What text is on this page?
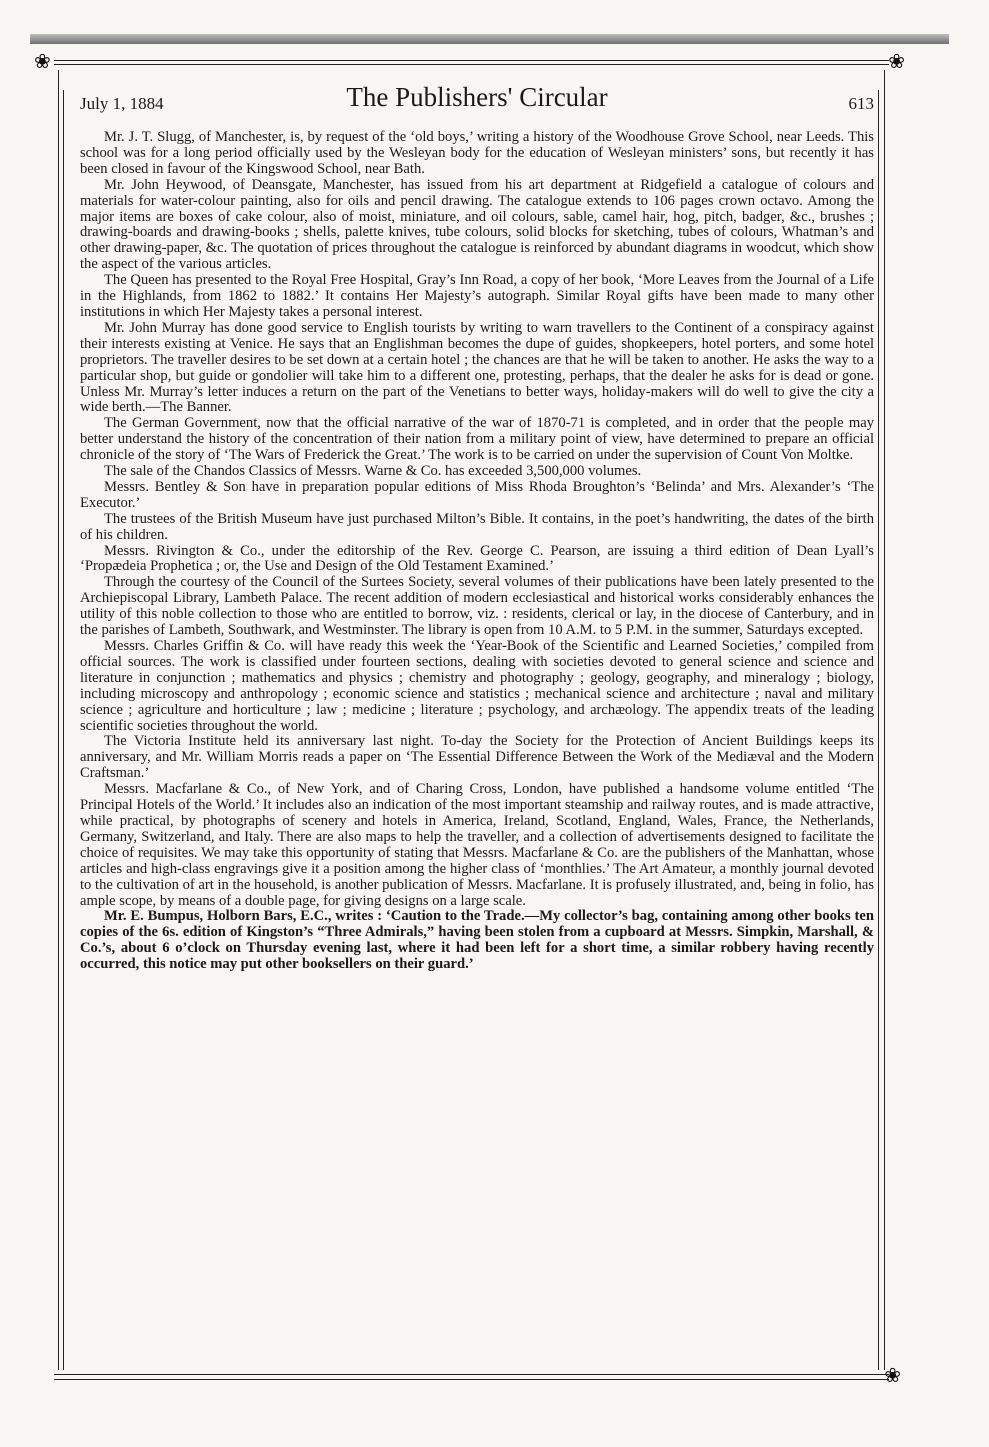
❀	❀
❀
July 1, 1884	The Publishers' Circular	613

Mr. J. T. Slugg, of Manchester, is, by request of the ‘old boys,’ writing a history of the Woodhouse Grove School, near Leeds. This school was for a long period officially used by the Wesleyan body for the education of Wesleyan ministers’ sons, but recently it has been closed in favour of the Kingswood School, near Bath.

Mr. John Heywood, of Deansgate, Manchester, has issued from his art department at Ridgefield a catalogue of colours and materials for water-colour painting, also for oils and pencil drawing. The catalogue extends to 106 pages crown octavo. Among the major items are boxes of cake colour, also of moist, miniature, and oil colours, sable, camel hair, hog, pitch, badger, &c., brushes ; drawing-boards and drawing-books ; shells, palette knives, tube colours, solid blocks for sketching, tubes of colours, Whatman’s and other drawing-paper, &c. The quotation of prices throughout the catalogue is reinforced by abundant diagrams in woodcut, which show the aspect of the various articles.

The Queen has presented to the Royal Free Hospital, Gray’s Inn Road, a copy of her book, ‘More Leaves from the Journal of a Life in the Highlands, from 1862 to 1882.’ It contains Her Majesty’s autograph. Similar Royal gifts have been made to many other institutions in which Her Majesty takes a personal interest.

Mr. John Murray has done good service to English tourists by writing to warn travellers to the Continent of a conspiracy against their interests existing at Venice. He says that an Englishman becomes the dupe of guides, shopkeepers, hotel porters, and some hotel proprietors. The traveller desires to be set down at a certain hotel ; the chances are that he will be taken to another. He asks the way to a particular shop, but guide or gondolier will take him to a different one, protesting, perhaps, that the dealer he asks for is dead or gone. Unless Mr. Murray’s letter induces a return on the part of the Venetians to better ways, holiday-makers will do well to give the city a wide berth.—The Banner.

The German Government, now that the official narrative of the war of 1870-71 is completed, and in order that the people may better understand the history of the concentration of their nation from a military point of view, have determined to prepare an official chronicle of the story of ‘The Wars of Frederick the Great.’ The work is to be carried on under the supervision of Count Von Moltke.

The sale of the Chandos Classics of Messrs. Warne & Co. has exceeded 3,500,000 volumes.

Messrs. Bentley & Son have in preparation popular editions of Miss Rhoda Broughton’s ‘Belinda’ and Mrs. Alexander’s ‘The Executor.’

The trustees of the British Museum have just purchased Milton’s Bible. It contains, in the poet’s handwriting, the dates of the birth of his children.

Messrs. Rivington & Co., under the editorship of the Rev. George C. Pearson, are issuing a third edition of Dean Lyall’s ‘Propædeia Prophetica ; or, the Use and Design of the Old Testament Examined.’

Through the courtesy of the Council of the Surtees Society, several volumes of their publications have been lately presented to the Archiepiscopal Library, Lambeth Palace. The recent addition of modern ecclesiastical and historical works considerably enhances the utility of this noble collection to those who are entitled to borrow, viz. : residents, clerical or lay, in the diocese of Canterbury, and in the parishes of Lambeth, Southwark, and Westminster. The library is open from 10 A.M. to 5 P.M. in the summer, Saturdays excepted.

Messrs. Charles Griffin & Co. will have ready this week the ‘Year-Book of the Scientific and Learned Societies,’ compiled from official sources. The work is classified under fourteen sections, dealing with societies devoted to general science and science and literature in conjunction ; mathematics and physics ; chemistry and photography ; geology, geography, and mineralogy ; biology, including microscopy and anthropology ; economic science and statistics ; mechanical science and architecture ; naval and military science ; agriculture and horticulture ; law ; medicine ; literature ; psychology, and archæology. The appendix treats of the leading scientific societies throughout the world.

The Victoria Institute held its anniversary last night. To-day the Society for the Protection of Ancient Buildings keeps its anniversary, and Mr. William Morris reads a paper on ‘The Essential Difference Between the Work of the Mediæval and the Modern Craftsman.’

Messrs. Macfarlane & Co., of New York, and of Charing Cross, London, have published a handsome volume entitled ‘The Principal Hotels of the World.’ It includes also an indication of the most important steamship and railway routes, and is made attractive, while practical, by photographs of scenery and hotels in America, Ireland, Scotland, England, Wales, France, the Netherlands, Germany, Switzerland, and Italy. There are also maps to help the traveller, and a collection of advertisements designed to facilitate the choice of requisites. We may take this opportunity of stating that Messrs. Macfarlane & Co. are the publishers of the Manhattan, whose articles and high-class engravings give it a position among the higher class of ‘monthlies.’ The Art Amateur, a monthly journal devoted to the cultivation of art in the household, is another publication of Messrs. Macfarlane. It is profusely illustrated, and, being in folio, has ample scope, by means of a double page, for giving designs on a large scale.

Mr. E. Bumpus, Holborn Bars, E.C., writes : ‘Caution to the Trade.—My collector’s bag, containing among other books ten copies of the 6s. edition of Kingston’s “Three Admirals,” having been stolen from a cupboard at Messrs. Simpkin, Marshall, & Co.’s, about 6 o’clock on Thursday evening last, where it had been left for a short time, a similar robbery having recently occurred, this notice may put other booksellers on their guard.’
